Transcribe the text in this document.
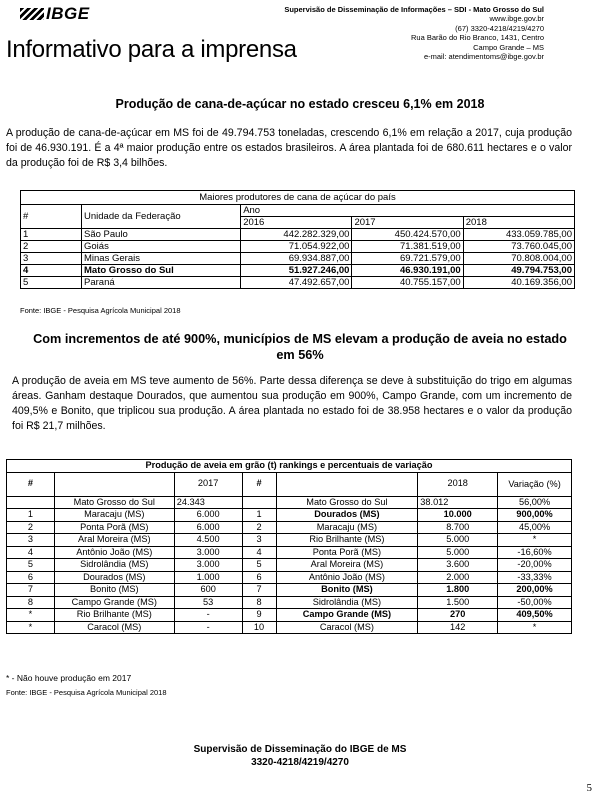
IBGE
Informativo para a imprensa
Supervisão de Disseminação de Informações – SDI - Mato Grosso do Sul
www.ibge.gov.br
(67) 3320-4218/4219/4270
Rua Barão do Rio Branco, 1431, Centro
Campo Grande – MS
e-mail: atendimentoms@ibge.gov.br
Produção de cana-de-açúcar no estado cresceu 6,1% em 2018
A produção de cana-de-açúcar em MS foi de 49.794.753 toneladas, crescendo 6,1% em relação a 2017, cuja produção foi de 46.930.191. É a 4ª maior produção entre os estados brasileiros. A área plantada foi de 680.611 hectares e o valor da produção foi de R$ 3,4 bilhões.
Maiores produtores de cana de açúcar do país				
#	Unidade da Federação	Ano		
		2016	2017	2018
1	São Paulo	442.282.329,00	450.424.570,00	433.059.785,00
2	Goiás	71.054.922,00	71.381.519,00	73.760.045,00
3	Minas Gerais	69.934.887,00	69.721.579,00	70.808.004,00
4	Mato Grosso do Sul	51.927.246,00	46.930.191,00	49.794.753,00
5	Paraná	47.492.657,00	40.755.157,00	40.169.356,00
Fonte: IBGE - Pesquisa Agrícola Municipal 2018
Com incrementos de até 900%, municípios de MS elevam a produção de aveia no estado em 56%
A produção de aveia em MS teve aumento de 56%. Parte dessa diferença se deve à substituição do trigo em algumas áreas. Ganham destaque Dourados, que aumentou sua produção em 900%, Campo Grande, com um incremento de 409,5% e Bonito, que triplicou sua produção. A área plantada no estado foi de 38.958 hectares e o valor da produção foi R$ 21,7 milhões.
Produção de aveia em grão (t) rankings e percentuais de variação						
#		2017	#		2018	Variação (%)
	Mato Grosso do Sul	24.343		Mato Grosso do Sul	38.012	56,00%
1	Maracaju (MS)	6.000	1	Dourados (MS)	10.000	900,00%
2	Ponta Porã (MS)	6.000	2	Maracaju (MS)	8.700	45,00%
3	Aral Moreira (MS)	4.500	3	Rio Brilhante (MS)	5.000	*
4	Antônio João (MS)	3.000	4	Ponta Porã (MS)	5.000	-16,60%
5	Sidrolândia (MS)	3.000	5	Aral Moreira (MS)	3.600	-20,00%
6	Dourados (MS)	1.000	6	Antônio João (MS)	2.000	-33,33%
7	Bonito (MS)	600	7	Bonito (MS)	1.800	200,00%
8	Campo Grande (MS)	53	8	Sidrolândia (MS)	1.500	-50,00%
*	Rio Brilhante (MS)	-	9	Campo Grande (MS)	270	409,50%
*	Caracol (MS)	-	10	Caracol (MS)	142	*
* - Não houve produção em 2017
Fonte: IBGE - Pesquisa Agrícola Municipal 2018
Supervisão de Disseminação do IBGE de MS
3320-4218/4219/4270
5
